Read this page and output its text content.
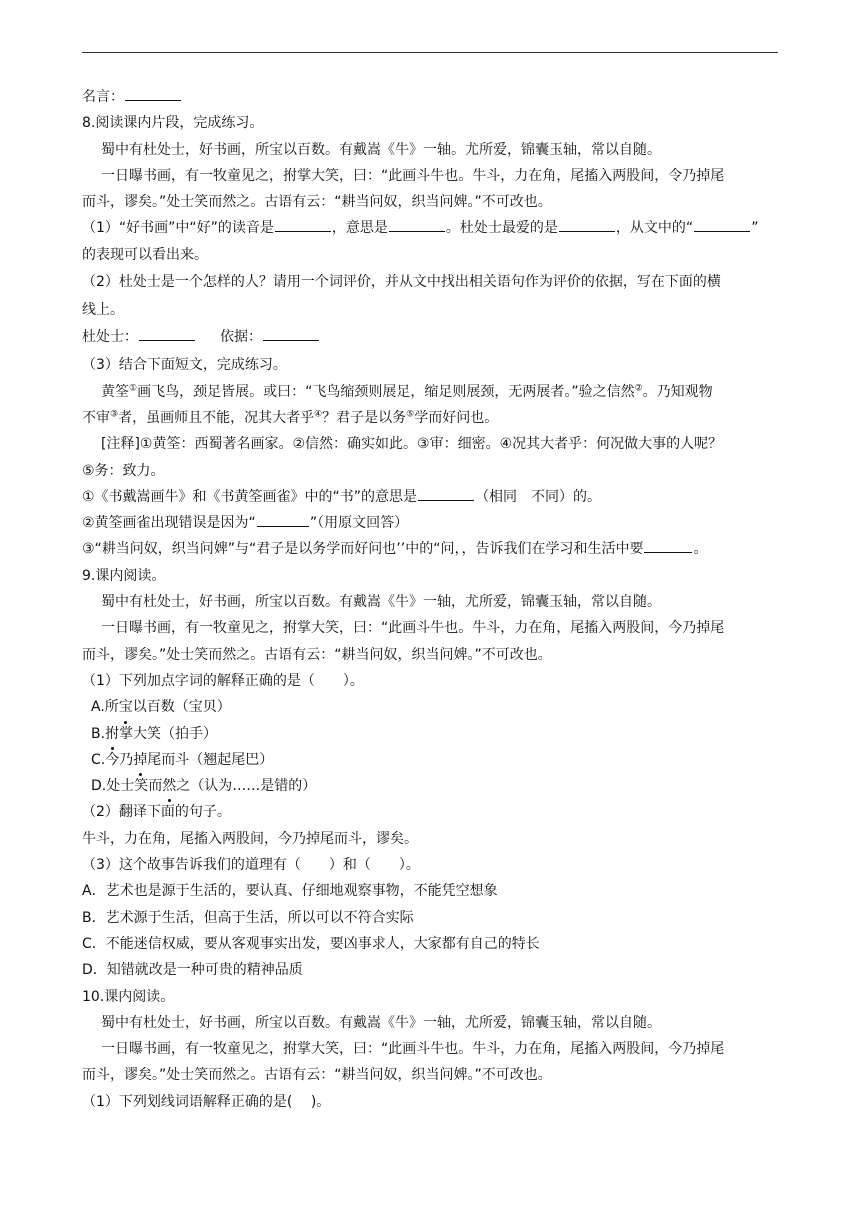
名言：
8.阅读课内片段，完成练习。
蜀中有杜处士，好书画，所宝以百数。有戴嵩《牛》一轴。尤所爱，锦囊玉轴，常以自随。
一日曝书画，有一牧童见之，拊掌大笑，曰：“此画斗牛也。牛斗，力在角，尾搐入两股间，令乃掉尾
而斗，谬矣。”处士笑而然之。古语有云：“耕当问奴，织当问婢。”不可改也。
（1）“好书画”中“好”的读音是	，意思是	。杜处士最爱的是	，从文中的“	”
的表现可以看出来。
（2）杜处士是一个怎样的人？请用一个词评价，并从文中找出相关语句作为评价的依据，写在下面的横
线上。
杜处士：	依据：
（3）结合下面短文，完成练习。
黄筌①画飞鸟，颈足皆展。或曰：“飞鸟缩颈则展足，缩足则展颈，无两展者。”验之信然②。乃知观物
不审③者，虽画师且不能，况其大者乎④？君子是以务⑤学而好问也。
[注释]①黄筌：西蜀著名画家。②信然：确实如此。③审：细密。④况其大者乎：何况做大事的人呢？
⑤务：致力。
①《书戴嵩画牛》和《书黄筌画雀》中的“书”的意思是	（相同　不同）的。
②黄筌画雀出现错误是因为“	”（用原文回答）
③“耕当问奴，织当问婢”与“君子是以务学而好问也’’中的“问，，告诉我们在学习和生活中要	。
9.课内阅读。
蜀中有杜处士，好书画，所宝以百数。有戴嵩《牛》一轴，尤所爱，锦囊玉轴，常以自随。
一日曝书画，有一牧童见之，拊掌大笑，曰：“此画斗牛也。牛斗，力在角，尾搐入两股间，今乃掉尾
而斗，谬矣。”处士笑而然之。古语有云：“耕当问奴，织当问婢。”不可改也。
（1）下列加点字词的解释正确的是（　　）。
A.所宝以百数（宝贝）
B.拊掌大笑（拍手）
C.今乃掉尾而斗（翘起尾巴）
D.处士笑而然之（认为……是错的）
（2）翻译下面的句子。
牛斗，力在角，尾搐入两股间，今乃掉尾而斗，谬矣。
（3）这个故事告诉我们的道理有（　　）和（　　）。
A．艺术也是源于生活的，要认真、仔细地观察事物，不能凭空想象
B．艺术源于生活，但高于生活，所以可以不符合实际
C．不能迷信权威，要从客观事实出发，要凶事求人，大家都有自己的特长
D．知错就改是一种可贵的精神品质
10.课内阅读。
蜀中有杜处士，好书画，所宝以百数。有戴嵩《牛》一轴，尤所爱，锦囊玉轴，常以自随。
一日曝书画，有一牧童见之，拊掌大笑，曰：“此画斗牛也。牛斗，力在角，尾搐入两股间，今乃掉尾
而斗，谬矣。”处士笑而然之。古语有云：“耕当问奴，织当问婢。”不可改也。
（1）下列划线词语解释正确的是(　 )。
